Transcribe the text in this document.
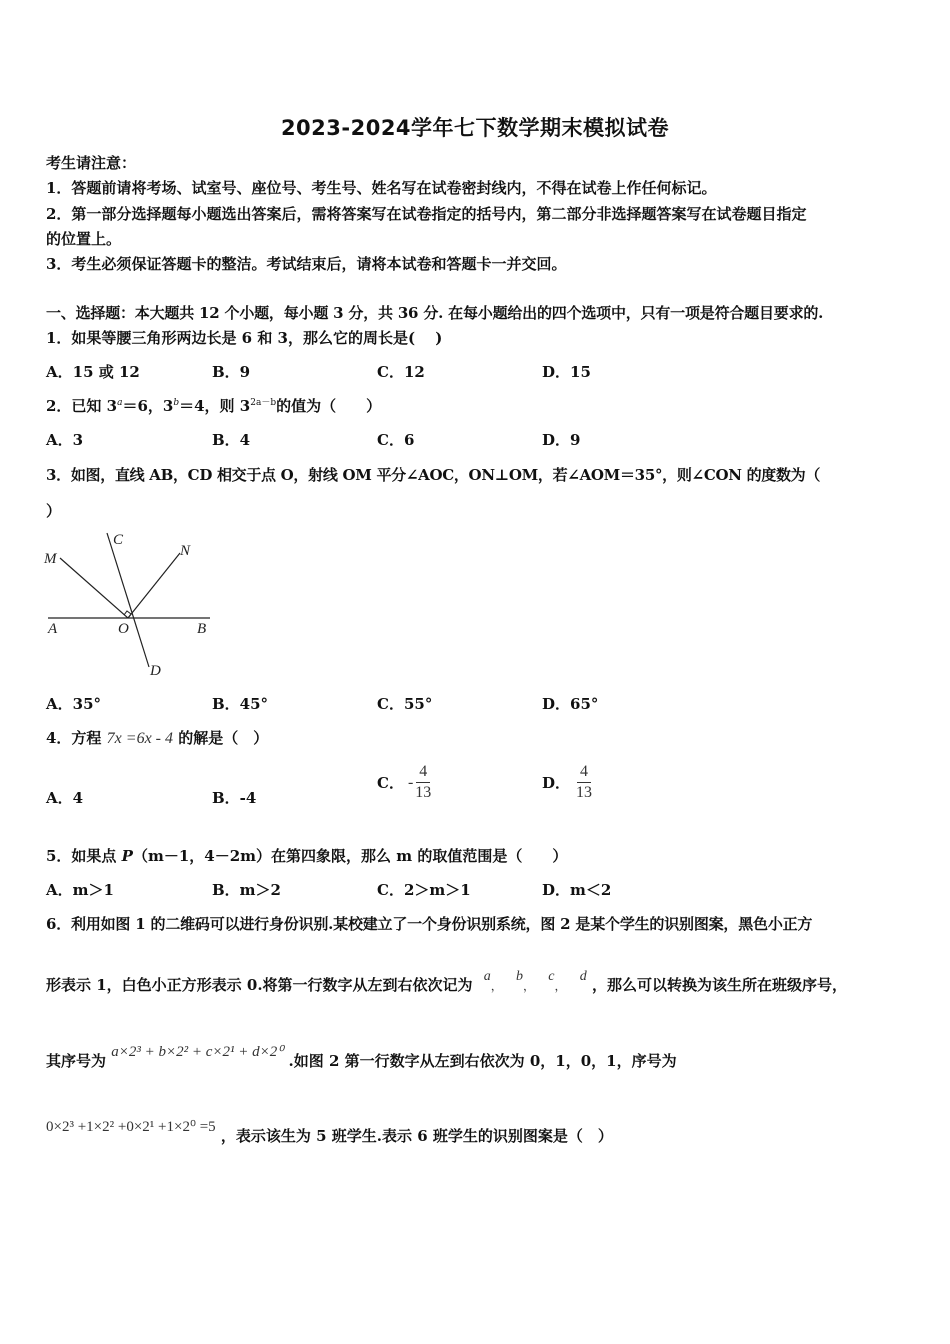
2023-2024学年七下数学期末模拟试卷
考生请注意：
1．答题前请将考场、试室号、座位号、考生号、姓名写在试卷密封线内，不得在试卷上作任何标记。
2．第一部分选择题每小题选出答案后，需将答案写在试卷指定的括号内，第二部分非选择题答案写在试卷题目指定
的位置上。
3．考生必须保证答题卡的整洁。考试结束后，请将本试卷和答题卡一并交回。
一、选择题：本大题共 12 个小题，每小题 3 分，共 36 分. 在每小题给出的四个选项中，只有一项是符合题目要求的.
1．如果等腰三角形两边长是 6 和 3，那么它的周长是(　 )
A．15 或 12	B．9	C．12	D．15
2．已知 $3^a=6$，$3^b=4$，则 $3^{2a-b}$的值为（　　）
A．3	B．4	C．6	D．9
3．如图，直线 AB，CD 相交于点 O，射线 OM 平分∠AOC，ON⊥OM，若∠AOM＝35°，则∠CON 的度数为（
）
M
C
N
A	O	B
D
A．35°	B．45°	C．55°	D．65°
4．方程 7x =6x - 4 的解是（　）
A．4	B．-4
C． - $\frac{4}{13}$	D． $\frac{4}{13}$
5．如果点 P（m－1，4－2m）在第四象限，那么 m 的取值范围是（　　）
A．m＞1	B．m＞2	C．2＞m＞1	D．m＜2
6．利用如图 1 的二维码可以进行身份识别.某校建立了一个身份识别系统，图 2 是某个学生的识别图案，黑色小正方
形表示 1，白色小正方形表示 0.将第一行数字从左到右依次记为 a， b， c， d ，那么可以转换为该生所在班级序号，
其序号为 a×2³ + b×2² + c×2¹ + d×2⁰ .如图 2 第一行数字从左到右依次为 0，1，0，1，序号为
0×2³ +1×2² +0×2¹ +1×2⁰ =5 ，表示该生为 5 班学生.表示 6 班学生的识别图案是（　）
